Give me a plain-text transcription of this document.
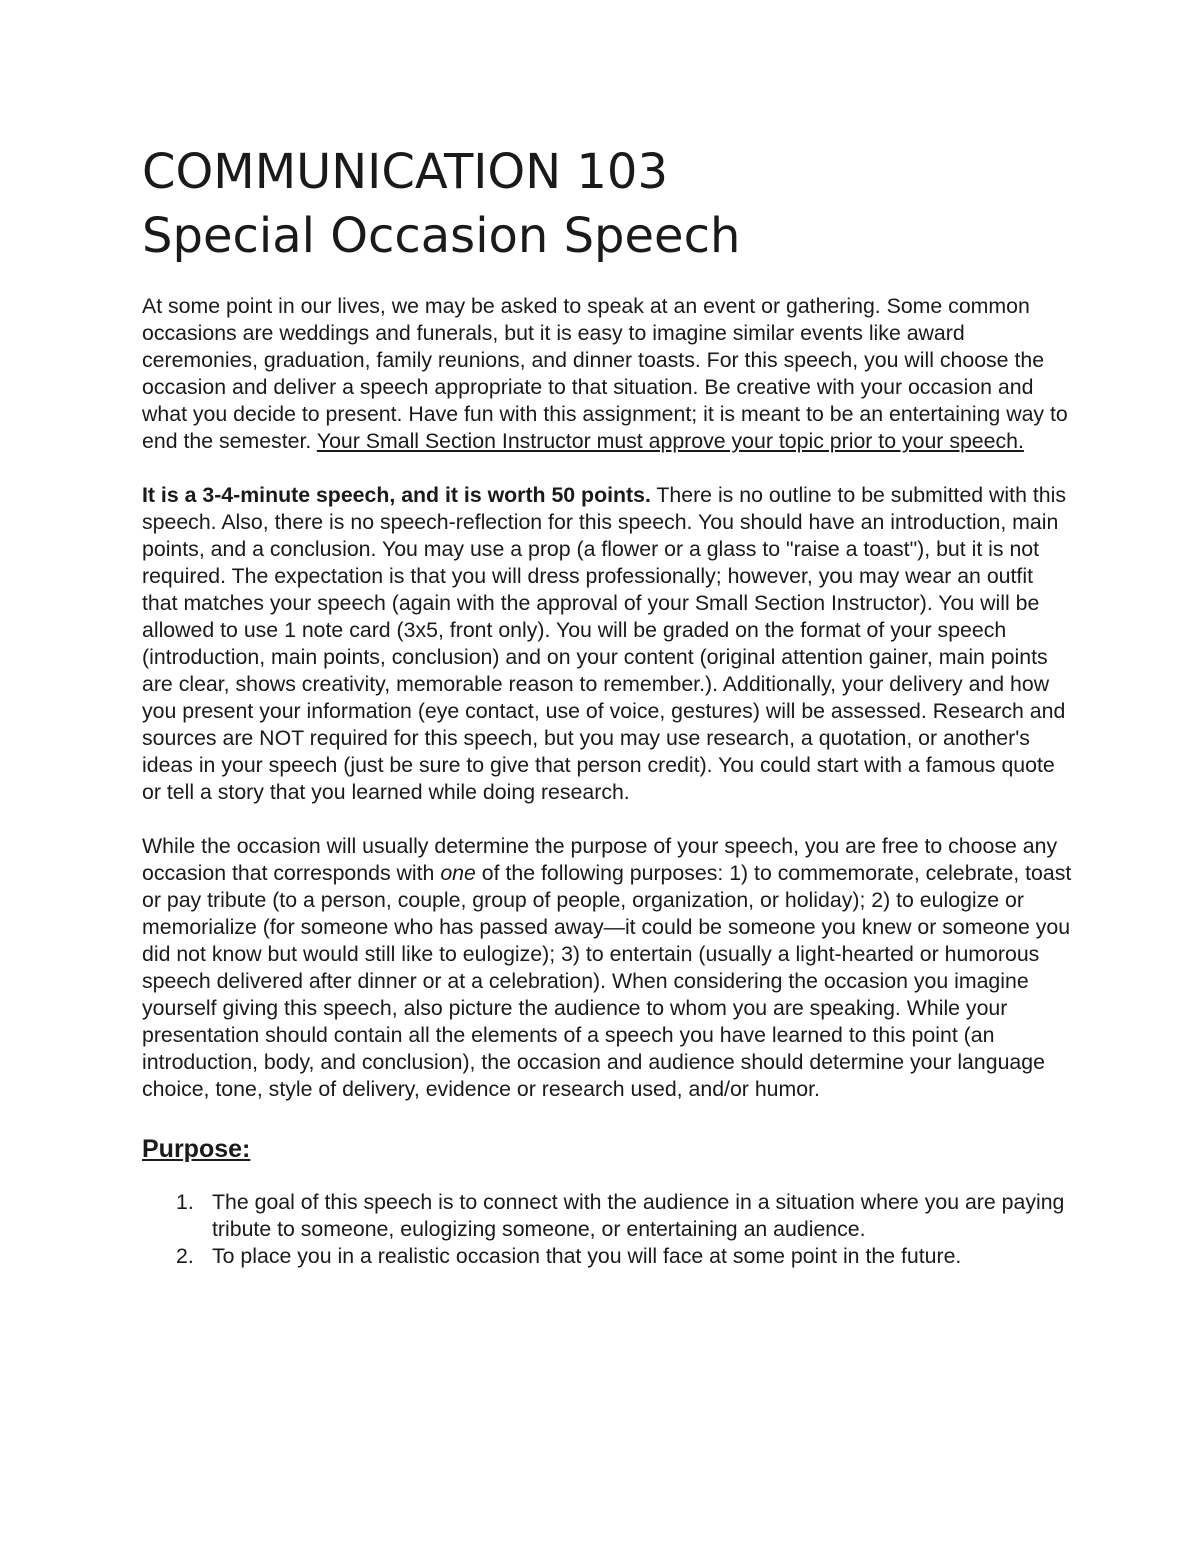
COMMUNICATION 103
Special Occasion Speech

At some point in our lives, we may be asked to speak at an event or gathering. Some common occasions are weddings and funerals, but it is easy to imagine similar events like award ceremonies, graduation, family reunions, and dinner toasts. For this speech, you will choose the occasion and deliver a speech appropriate to that situation. Be creative with your occasion and what you decide to present. Have fun with this assignment; it is meant to be an entertaining way to end the semester. Your Small Section Instructor must approve your topic prior to your speech.

It is a 3-4-minute speech, and it is worth 50 points. There is no outline to be submitted with this speech. Also, there is no speech-reflection for this speech. You should have an introduction, main points, and a conclusion. You may use a prop (a flower or a glass to "raise a toast"), but it is not required. The expectation is that you will dress professionally; however, you may wear an outfit that matches your speech (again with the approval of your Small Section Instructor). You will be allowed to use 1 note card (3x5, front only). You will be graded on the format of your speech (introduction, main points, conclusion) and on your content (original attention gainer, main points are clear, shows creativity, memorable reason to remember.). Additionally, your delivery and how you present your information (eye contact, use of voice, gestures) will be assessed. Research and sources are NOT required for this speech, but you may use research, a quotation, or another's ideas in your speech (just be sure to give that person credit). You could start with a famous quote or tell a story that you learned while doing research.

While the occasion will usually determine the purpose of your speech, you are free to choose any occasion that corresponds with one of the following purposes: 1) to commemorate, celebrate, toast or pay tribute (to a person, couple, group of people, organization, or holiday); 2) to eulogize or memorialize (for someone who has passed away—it could be someone you knew or someone you did not know but would still like to eulogize); 3) to entertain (usually a light-hearted or humorous speech delivered after dinner or at a celebration). When considering the occasion you imagine yourself giving this speech, also picture the audience to whom you are speaking. While your presentation should contain all the elements of a speech you have learned to this point (an introduction, body, and conclusion), the occasion and audience should determine your language choice, tone, style of delivery, evidence or research used, and/or humor.

Purpose:
1. The goal of this speech is to connect with the audience in a situation where you are paying tribute to someone, eulogizing someone, or entertaining an audience.
2. To place you in a realistic occasion that you will face at some point in the future.
